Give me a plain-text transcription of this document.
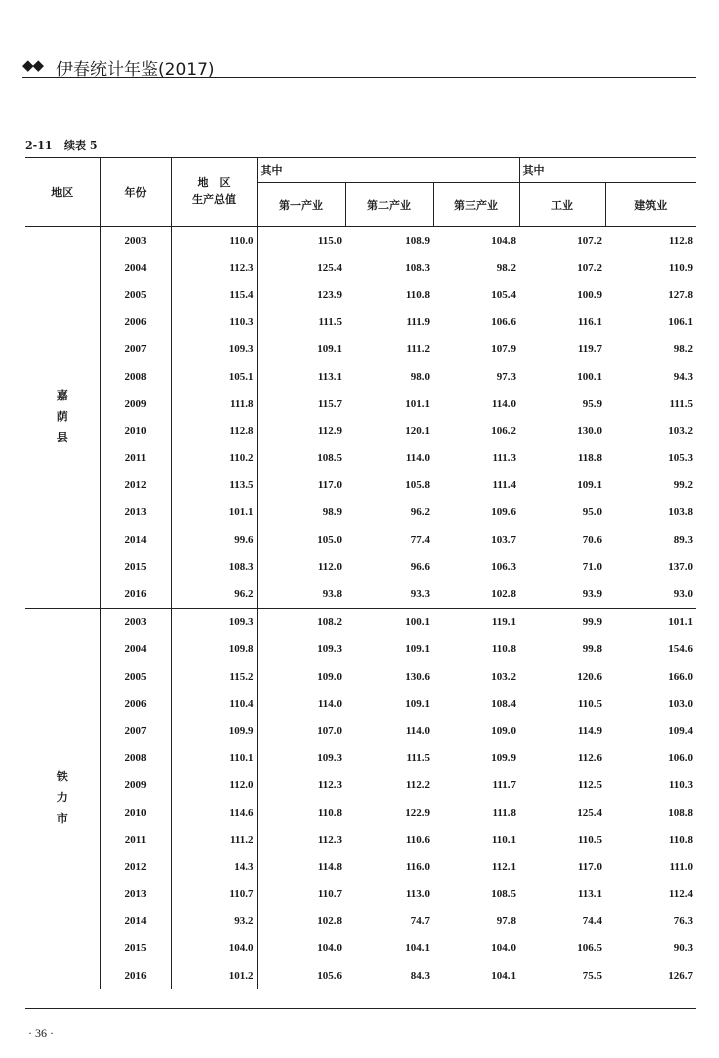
◆◆ 伊春统计年鉴(2017)
2-11   续表 5
地区	年份	地    区
生产总值	其中			其中	
			第一产业	第二产业	第三产业	工业	建筑业

嘉
荫
县	2003	110.0	115.0	108.9	104.8	107.2	112.8
	2004	112.3	125.4	108.3	98.2	107.2	110.9
	2005	115.4	123.9	110.8	105.4	100.9	127.8
	2006	110.3	111.5	111.9	106.6	116.1	106.1
	2007	109.3	109.1	111.2	107.9	119.7	98.2
	2008	105.1	113.1	98.0	97.3	100.1	94.3
	2009	111.8	115.7	101.1	114.0	95.9	111.5
	2010	112.8	112.9	120.1	106.2	130.0	103.2
	2011	110.2	108.5	114.0	111.3	118.8	105.3
	2012	113.5	117.0	105.8	111.4	109.1	99.2
	2013	101.1	98.9	96.2	109.6	95.0	103.8
	2014	99.6	105.0	77.4	103.7	70.6	89.3
	2015	108.3	112.0	96.6	106.3	71.0	137.0
	2016	96.2	93.8	93.3	102.8	93.9	93.0

铁
力
市	2003	109.3	108.2	100.1	119.1	99.9	101.1
	2004	109.8	109.3	109.1	110.8	99.8	154.6
	2005	115.2	109.0	130.6	103.2	120.6	166.0
	2006	110.4	114.0	109.1	108.4	110.5	103.0
	2007	109.9	107.0	114.0	109.0	114.9	109.4
	2008	110.1	109.3	111.5	109.9	112.6	106.0
	2009	112.0	112.3	112.2	111.7	112.5	110.3
	2010	114.6	110.8	122.9	111.8	125.4	108.8
	2011	111.2	112.3	110.6	110.1	110.5	110.8
	2012	14.3	114.8	116.0	112.1	117.0	111.0
	2013	110.7	110.7	113.0	108.5	113.1	112.4
	2014	93.2	102.8	74.7	97.8	74.4	76.3
	2015	104.0	104.0	104.1	104.0	106.5	90.3
	2016	101.2	105.6	84.3	104.1	75.5	126.7
· 36 ·
